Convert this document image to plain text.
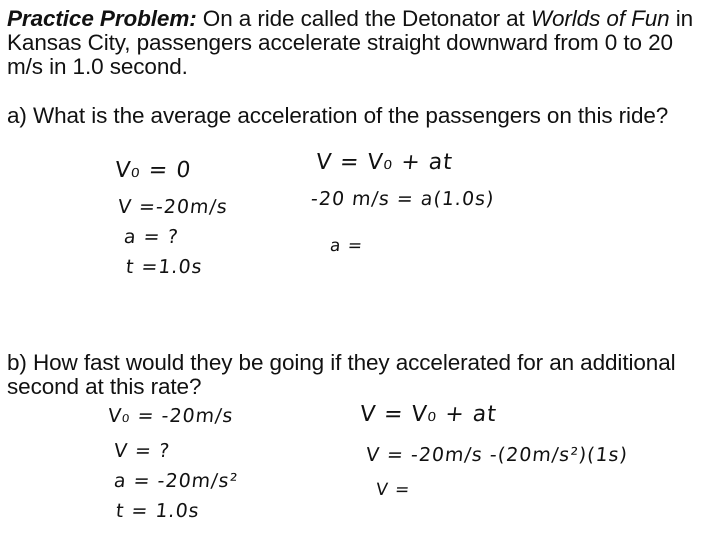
Practice Problem: On a ride called the Detonator at Worlds of Fun in Kansas City, passengers accelerate straight downward from 0 to 20 m/s in 1.0 second.

a) What is the average acceleration of the passengers on this ride?

V₀ = 0
V =-20m/s
a = ?
t =1.0s
V = V₀ + at
-20 m/s = a(1.0s)
a =

b) How fast would they be going if they accelerated for an additional second at this rate?

V₀ = -20m/s
V = ?
a = -20m/s²
t = 1.0s
V = V₀ + at
V = -20m/s -(20m/s²)(1s)
V =
